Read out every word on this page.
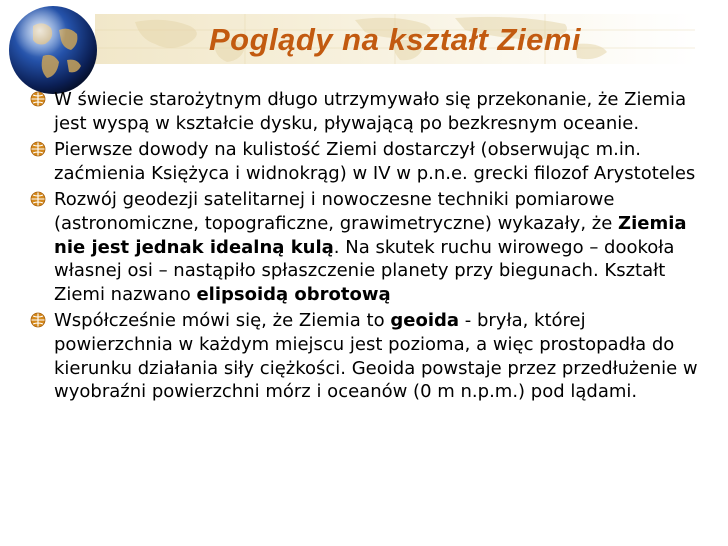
Poglądy na kształt Ziemi

W świecie starożytnym długo utrzymywało się przekonanie, że Ziemia jest wyspą w kształcie dysku, pływającą po bezkresnym oceanie.

Pierwsze dowody na kulistość Ziemi dostarczył (obserwując m.in. zaćmienia Księżyca i widnokrąg) w IV w p.n.e. grecki filozof Arystoteles

Rozwój geodezji satelitarnej i nowoczesne techniki pomiarowe (astronomiczne, topograficzne, grawimetryczne) wykazały, że Ziemia nie jest jednak idealną kulą. Na skutek ruchu wirowego – dookoła własnej osi – nastąpiło spłaszczenie planety przy biegunach. Kształt Ziemi nazwano elipsoidą obrotową

Współcześnie mówi się, że Ziemia to geoida - bryła, której powierzchnia w każdym miejscu jest pozioma, a więc prostopadła do kierunku działania siły ciężkości. Geoida powstaje przez przedłużenie w wyobraźni powierzchni mórz i oceanów (0 m n.p.m.) pod lądami.
